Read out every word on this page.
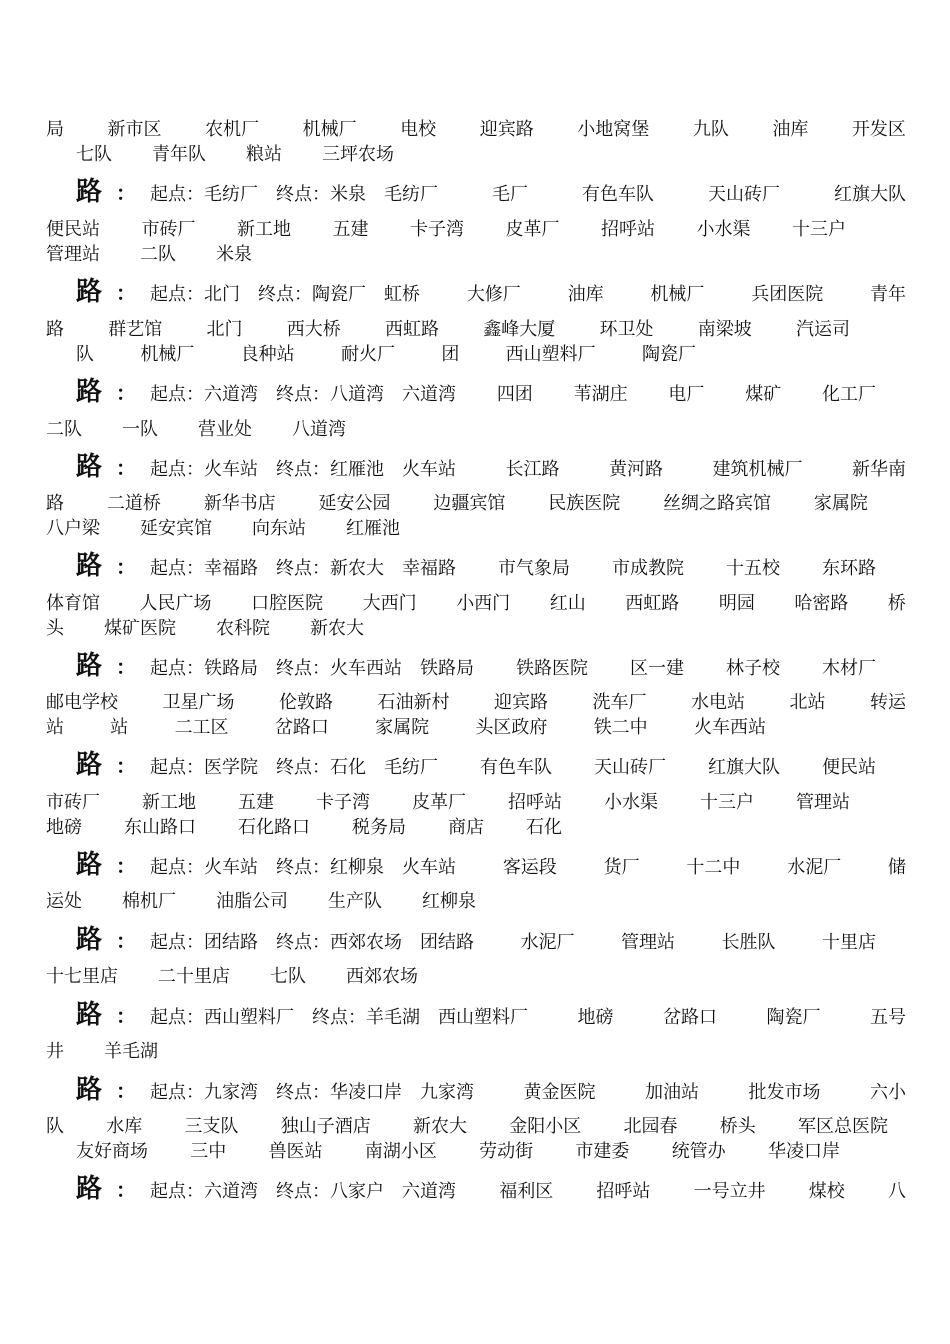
局 新市区 农机厂 机械厂 电校 迎宾路 小地窝堡 九队 油库 开发区
七队 青年队 粮站 三坪农场
路 ： 起点：毛纺厂 终点：米泉 毛纺厂	毛厂	有色车队	天山砖厂	红旗大队
便民站 市砖厂 新工地 五建 卡子湾 皮革厂 招呼站 小水渠 十三户
管理站 二队 米泉
路 ： 起点：北门 终点：陶瓷厂 虹桥	大修厂	油库	机械厂	兵团医院	青年
路 群艺馆 北门 西大桥 西虹路 鑫峰大厦 环卫处 南梁坡 汽运司
队	机械厂	良种站	耐火厂	团	西山塑料厂	陶瓷厂
路 ： 起点：六道湾 终点：八道湾 六道湾 四团 苇湖庄 电厂 煤矿 化工厂
二队 一队 营业处 八道湾
路 ： 起点：火车站 终点：红雁池 火车站	长江路	黄河路	建筑机械厂	新华南
路 二道桥 新华书店 延安公园 边疆宾馆 民族医院 丝绸之路宾馆 家属院
八户梁 延安宾馆 向东站 红雁池
路 ： 起点：幸福路 终点：新农大 幸福路 市气象局 市成教院 十五校 东环路
体育馆 人民广场 口腔医院 大西门 小西门 红山 西虹路 明园 哈密路 桥
头 煤矿医院 农科院 新农大
路 ： 起点：铁路局 终点：火车西站 铁路局 铁路医院 区一建 林子校 木材厂
邮电学校 卫星广场 伦敦路 石油新村 迎宾路 洗车厂 水电站 北站 转运
站	站	二工区	岔路口	家属院	头区政府	铁二中	火车西站
路 ： 起点：医学院 终点：石化 毛纺厂 有色车队 天山砖厂 红旗大队 便民站
市砖厂 新工地 五建 卡子湾 皮革厂 招呼站 小水渠 十三户 管理站
地磅 东山路口 石化路口 税务局 商店 石化
路 ： 起点：火车站 终点：红柳泉 火车站	客运段	货厂	十二中	水泥厂	储
运处 棉机厂 油脂公司 生产队 红柳泉
路 ： 起点：团结路 终点：西郊农场 团结路	水泥厂	管理站	长胜队	十里店
十七里店 二十里店 七队 西郊农场
路 ： 起点：西山塑料厂 终点：羊毛湖 西山塑料厂	地磅	岔路口	陶瓷厂	五号
井 羊毛湖
路 ： 起点：九家湾 终点：华凌口岸 九家湾	黄金医院	加油站	批发市场	六小
队 水库 三支队 独山子酒店 新农大 金阳小区 北园春 桥头 军区总医院
友好商场 三中 兽医站 南湖小区 劳动街 市建委 统管办 华凌口岸
路 ： 起点：六道湾 终点：八家户 六道湾 福利区 招呼站 一号立井 煤校 八
